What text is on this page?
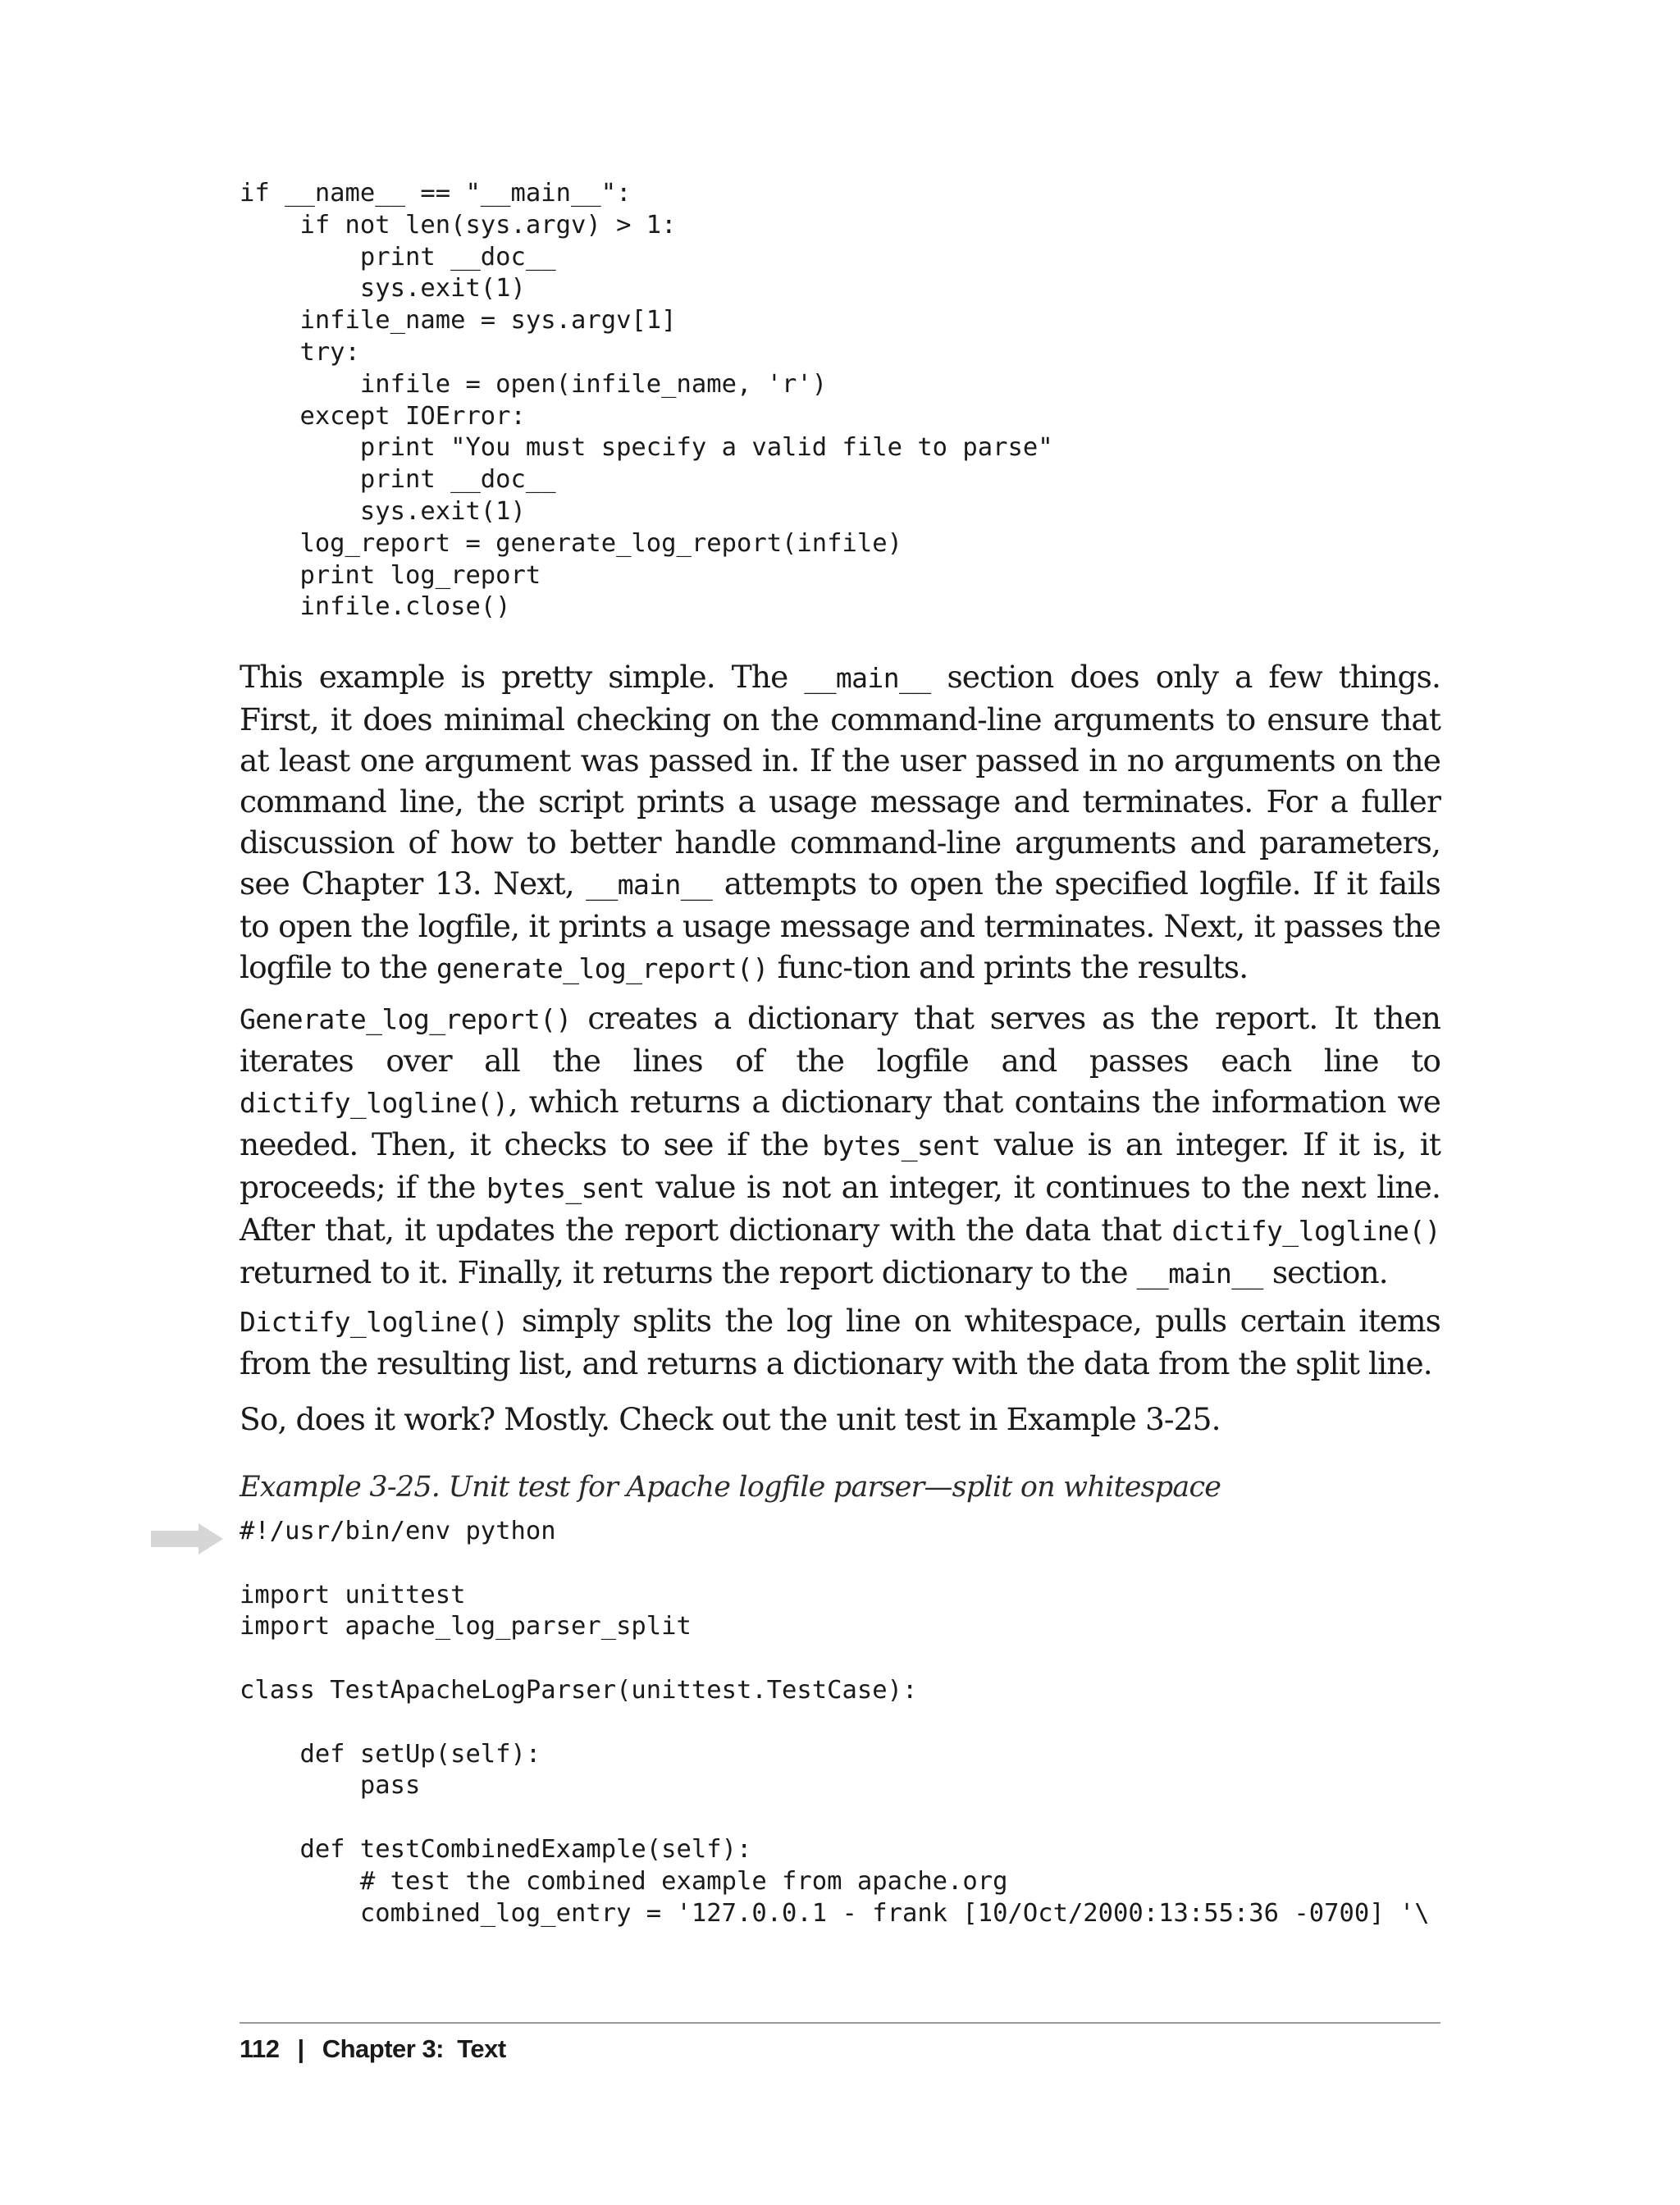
if __name__ == "__main__":
if not len(sys.argv) > 1:
print __doc__
sys.exit(1)
infile_name = sys.argv[1]
try:
infile = open(infile_name, 'r')
except IOError:
print "You must specify a valid file to parse"
print __doc__
sys.exit(1)
log_report = generate_log_report(infile)
print log_report
infile.close()

This example is pretty simple. The __main__ section does only a few things. First, it does minimal checking on the command-line arguments to ensure that at least one argument was passed in. If the user passed in no arguments on the command line, the script prints a usage message and terminates. For a fuller discussion of how to better handle command-line arguments and parameters, see Chapter 13. Next, __main__ attempts to open the specified logfile. If it fails to open the logfile, it prints a usage message and terminates. Next, it passes the logfile to the generate_log_report() func-tion and prints the results.

Generate_log_report() creates a dictionary that serves as the report. It then iterates over all the lines of the logfile and passes each line to dictify_logline(), which returns a dictionary that contains the information we needed. Then, it checks to see if the bytes_sent value is an integer. If it is, it proceeds; if the bytes_sent value is not an integer, it continues to the next line. After that, it updates the report dictionary with the data that dictify_logline() returned to it. Finally, it returns the report dictionary to the __main__ section.

Dictify_logline() simply splits the log line on whitespace, pulls certain items from the resulting list, and returns a dictionary with the data from the split line.

So, does it work? Mostly. Check out the unit test in Example 3-25.

Example 3-25. Unit test for Apache logfile parser—split on whitespace

#!/usr/bin/env python

import unittest
import apache_log_parser_split

class TestApacheLogParser(unittest.TestCase):

def setUp(self):
pass

def testCombinedExample(self):
# test the combined example from apache.org
combined_log_entry = '127.0.0.1 - frank [10/Oct/2000:13:55:36 -0700] '\
112 | Chapter 3:  Text
